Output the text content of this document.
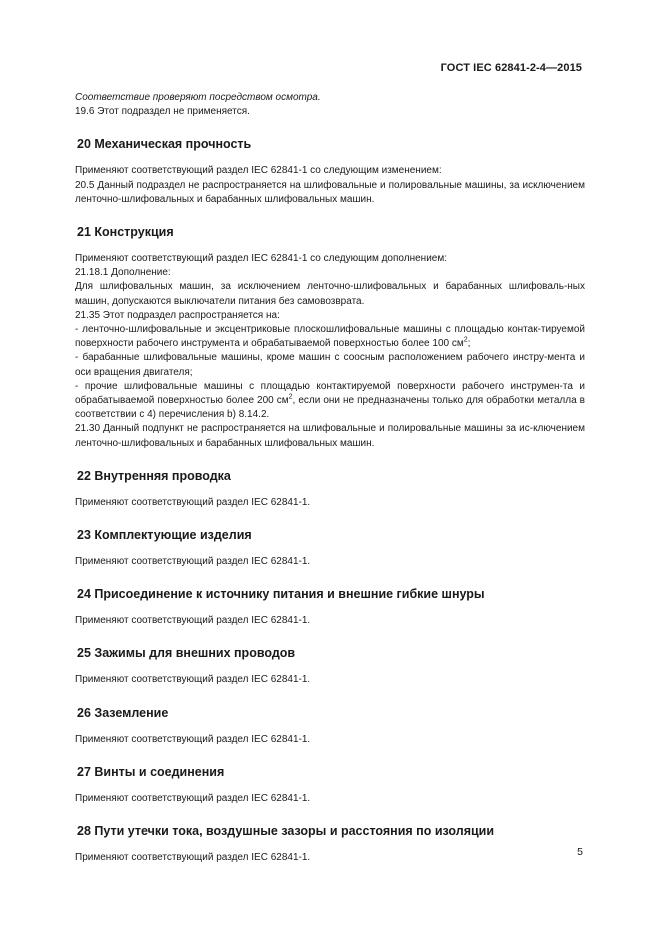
ГОСТ IEC 62841-2-4—2015

Соответствие проверяют посредством осмотра.

19.6 Этот подраздел не применяется.

20 Механическая прочность

Применяют соответствующий раздел IEC 62841-1 со следующим изменением:

20.5 Данный подраздел не распространяется на шлифовальные и полировальные машины, за исключением ленточно-шлифовальных и барабанных шлифовальных машин.

21 Конструкция

Применяют соответствующий раздел IEC 62841-1 со следующим дополнением:

21.18.1 Дополнение:

Для шлифовальных машин, за исключением ленточно-шлифовальных и барабанных шлифоваль-ных машин, допускаются выключатели питания без самовозврата.

21.35 Этот подраздел распространяется на:

- ленточно-шлифовальные и эксцентриковые плоскошлифовальные машины с площадью контак-тируемой поверхности рабочего инструмента и обрабатываемой поверхностью более 100 $см^2$;

- барабанные шлифовальные машины, кроме машин с соосным расположением рабочего инстру-мента и оси вращения двигателя;

- прочие шлифовальные машины с площадью контактируемой поверхности рабочего инструмен-та и обрабатываемой поверхностью более 200 $см^2$, если они не предназначены только для обработки металла в соответствии с 4) перечисления b) 8.14.2.

21.30 Данный подпункт не распространяется на шлифовальные и полировальные машины за ис-ключением ленточно-шлифовальных и барабанных шлифовальных машин.

22 Внутренняя проводка

Применяют соответствующий раздел IEC 62841-1.

23 Комплектующие изделия

Применяют соответствующий раздел IEC 62841-1.

24 Присоединение к источнику питания и внешние гибкие шнуры

Применяют соответствующий раздел IEC 62841-1.

25 Зажимы для внешних проводов

Применяют соответствующий раздел IEC 62841-1.

26 Заземление

Применяют соответствующий раздел IEC 62841-1.

27 Винты и соединения

Применяют соответствующий раздел IEC 62841-1.

28 Пути утечки тока, воздушные зазоры и расстояния по изоляции

Применяют соответствующий раздел IEC 62841-1.	5
